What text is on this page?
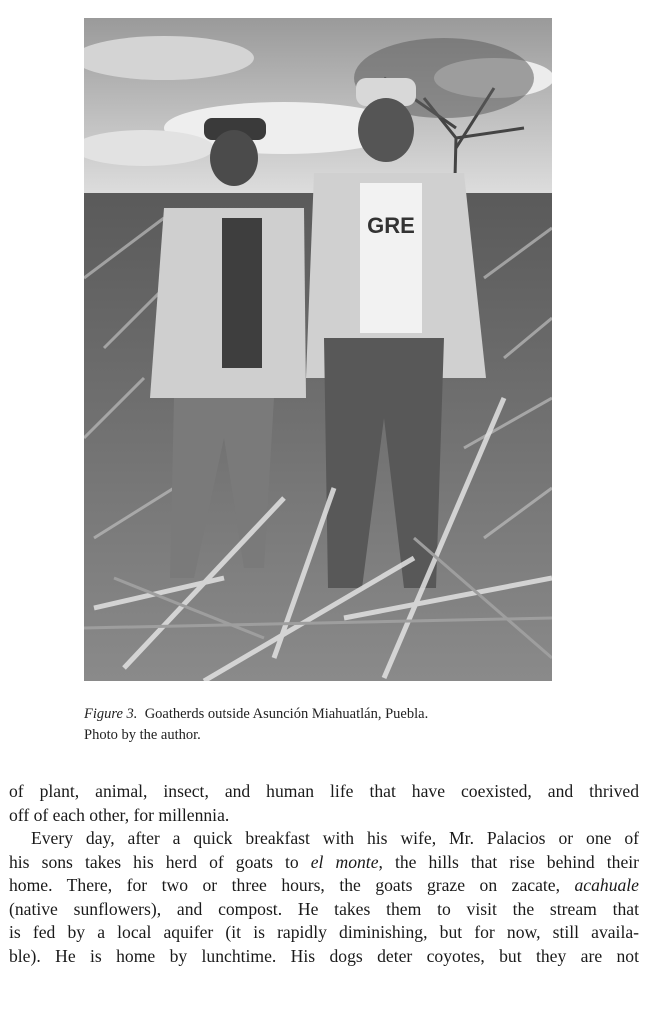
GRE
Figure 3. Goatherds outside Asunción Miahuatlán, Puebla.
Photo by the author.
of plant, animal, insect, and human life that have coexisted, and thrived
off of each other, for millennia.
Every day, after a quick breakfast with his wife, Mr. Palacios or one of
his sons takes his herd of goats to el monte, the hills that rise behind their
home. There, for two or three hours, the goats graze on zacate, acahuale
(native sunflowers), and compost. He takes them to visit the stream that
is fed by a local aquifer (it is rapidly diminishing, but for now, still availa-
ble). He is home by lunchtime. His dogs deter coyotes, but they are not
